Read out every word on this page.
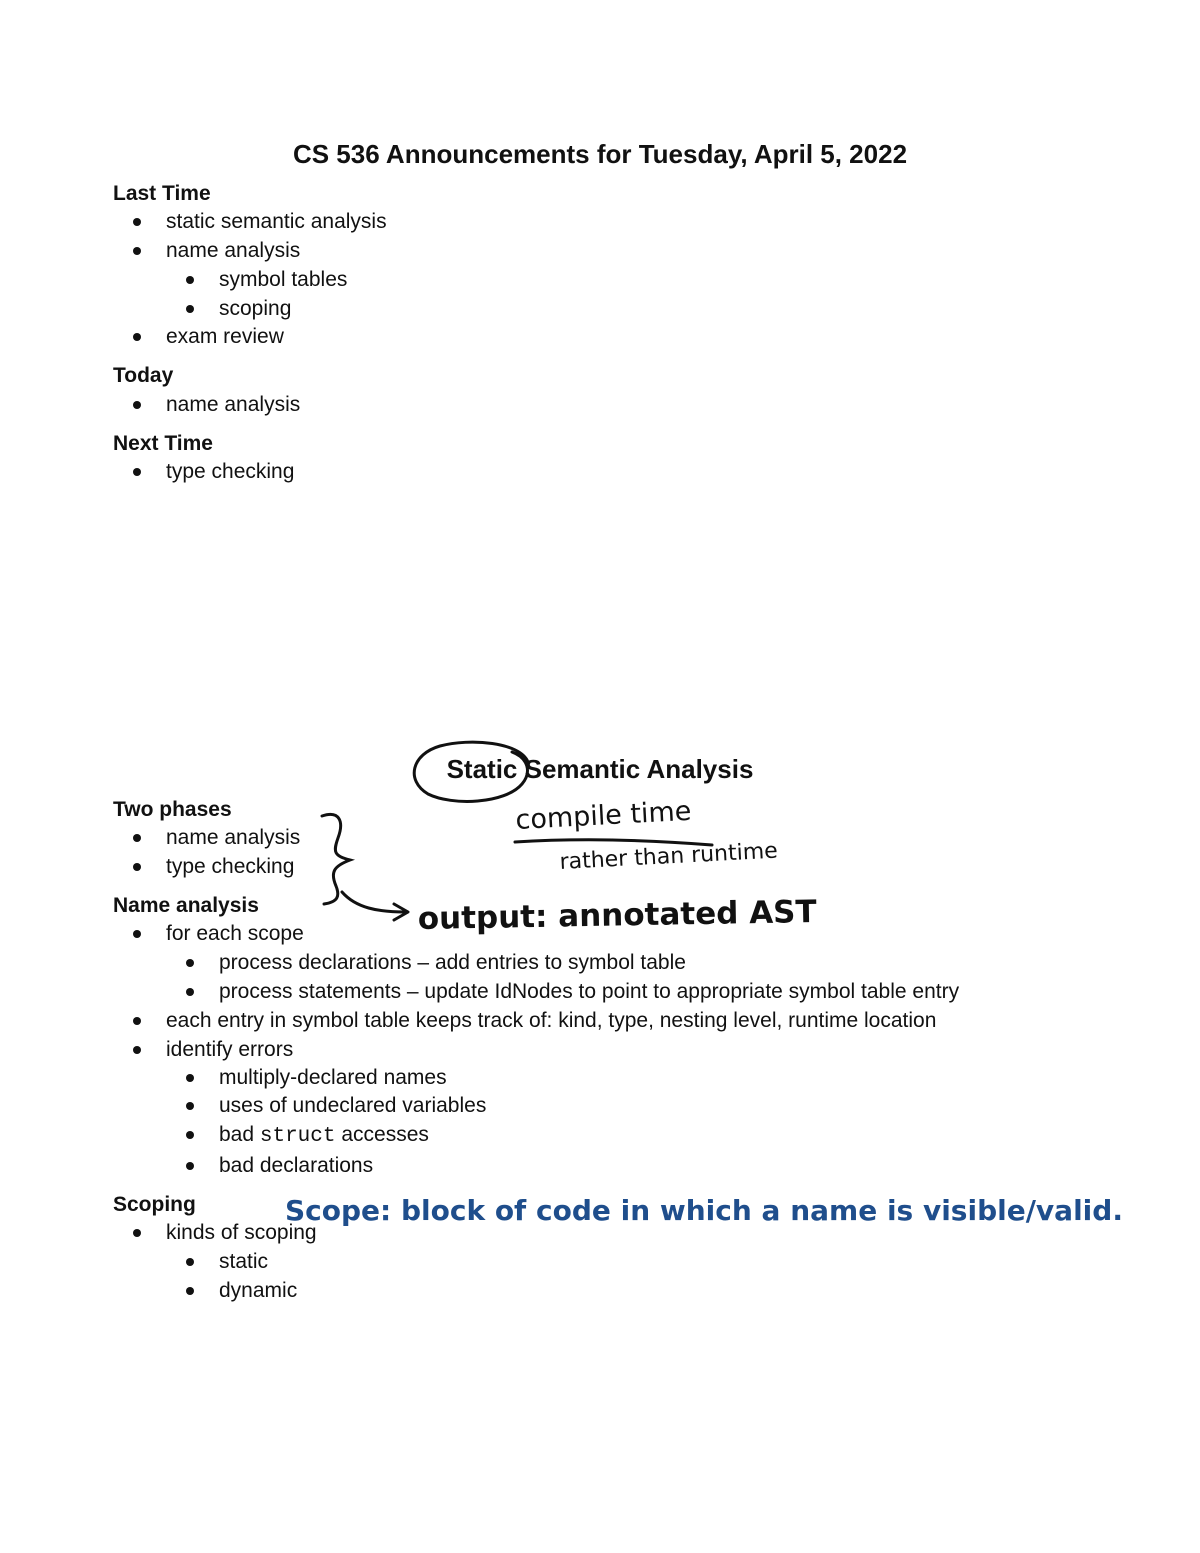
CS 536 Announcements for Tuesday, April 5, 2022
Last Time
static semantic analysis
name analysis
symbol tables
scoping
exam review
Today
name analysis
Next Time
type checking
Static Semantic Analysis
Two phases
name analysis
type checking
Name analysis
for each scope
process declarations – add entries to symbol table
process statements – update IdNodes to point to appropriate symbol table entry
each entry in symbol table keeps track of: kind, type, nesting level, runtime location
identify errors
multiply-declared names
uses of undeclared variables
bad struct accesses
bad declarations
Scoping
kinds of scoping
static
dynamic
compile time
rather than runtime
output: annotated AST
Scope: block of code in which a name is visible/valid.
